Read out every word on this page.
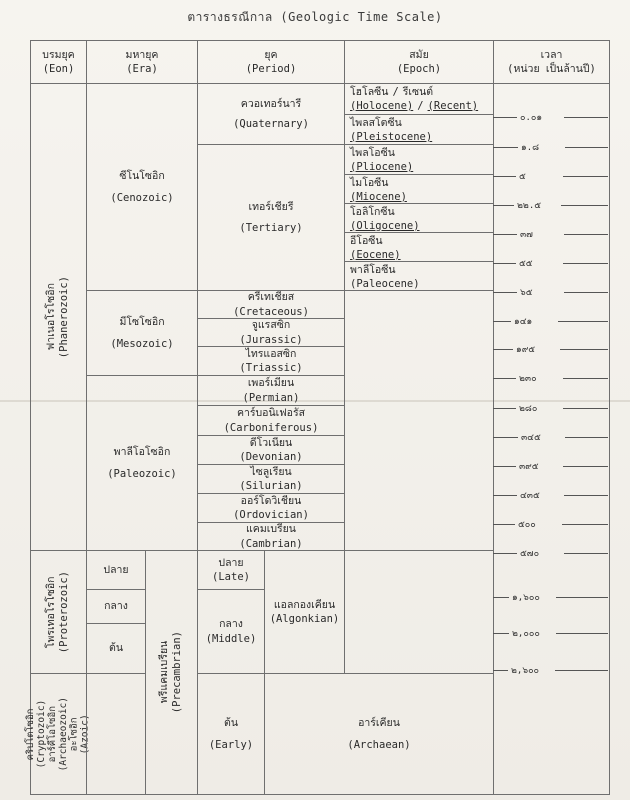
ตารางธรณีกาล (Geologic Time Scale)
บรมยุค
(Eon)
มหายุค
(Era)
ยุค
(Period)
สมัย
(Epoch)
เวลา
(หน่วย เป็นล้านปี)
ฟาเนอโรโซอิก (Phanerozoic)
โพรเทอโรโซอิก (Proterozoic)
คริปโตโซอิก (Cryptozoic) อาร์คีโอโซอิก (Archaeozoic) อะโซอิก (Azoic)
ซีโนโซอิก
(Cenozoic)
มีโซโซอิก
(Mesozoic)
พาลีโอโซอิก
(Paleozoic)
ปลาย
กลาง
ต้น	พรีแคมเบรียน (Precambrian)
ควอเทอร์นารี
(Quaternary)
เทอร์เชียรี
(Tertiary)
ครีเทเชียส
(Cretaceous)
จูแรสซิก
(Jurassic)
ไทรแอสซิก
(Triassic)
เพอร์เมียน
(Permian)
คาร์บอนิเฟอรัส
(Carboniferous)
ดีโวเนียน
(Devonian)
ไซลูเรียน
(Silurian)
ออร์โดวิเชียน
(Ordovician)
แคมเบรียน
(Cambrian)
ปลาย
(Late)
กลาง
(Middle)
ต้น
(Early)
โฮโลซีน / รีเซนต์
(Holocene) / (Recent)
ไพลสโตซีน
(Pleistocene)
ไพลโอซีน
(Pliocene)
ไมโอซีน
(Miocene)
โอลิโกซีน
(Oligocene)
อีโอซีน
(Eocene)
พาลีโอซีน
(Paleocene)
แอลกองเคียน
(Algonkian)
อาร์เคียน
(Archaean)
๐.๐๑
๑.๘
๕
๒๒.๕
๓๗
๕๕
๖๕
๑๔๑
๑๙๕
๒๓๐
๒๘๐
๓๔๕
๓๙๕
๔๓๕
๕๐๐
๕๗๐
๑,๖๐๐
๒,๐๐๐
๒,๖๐๐
